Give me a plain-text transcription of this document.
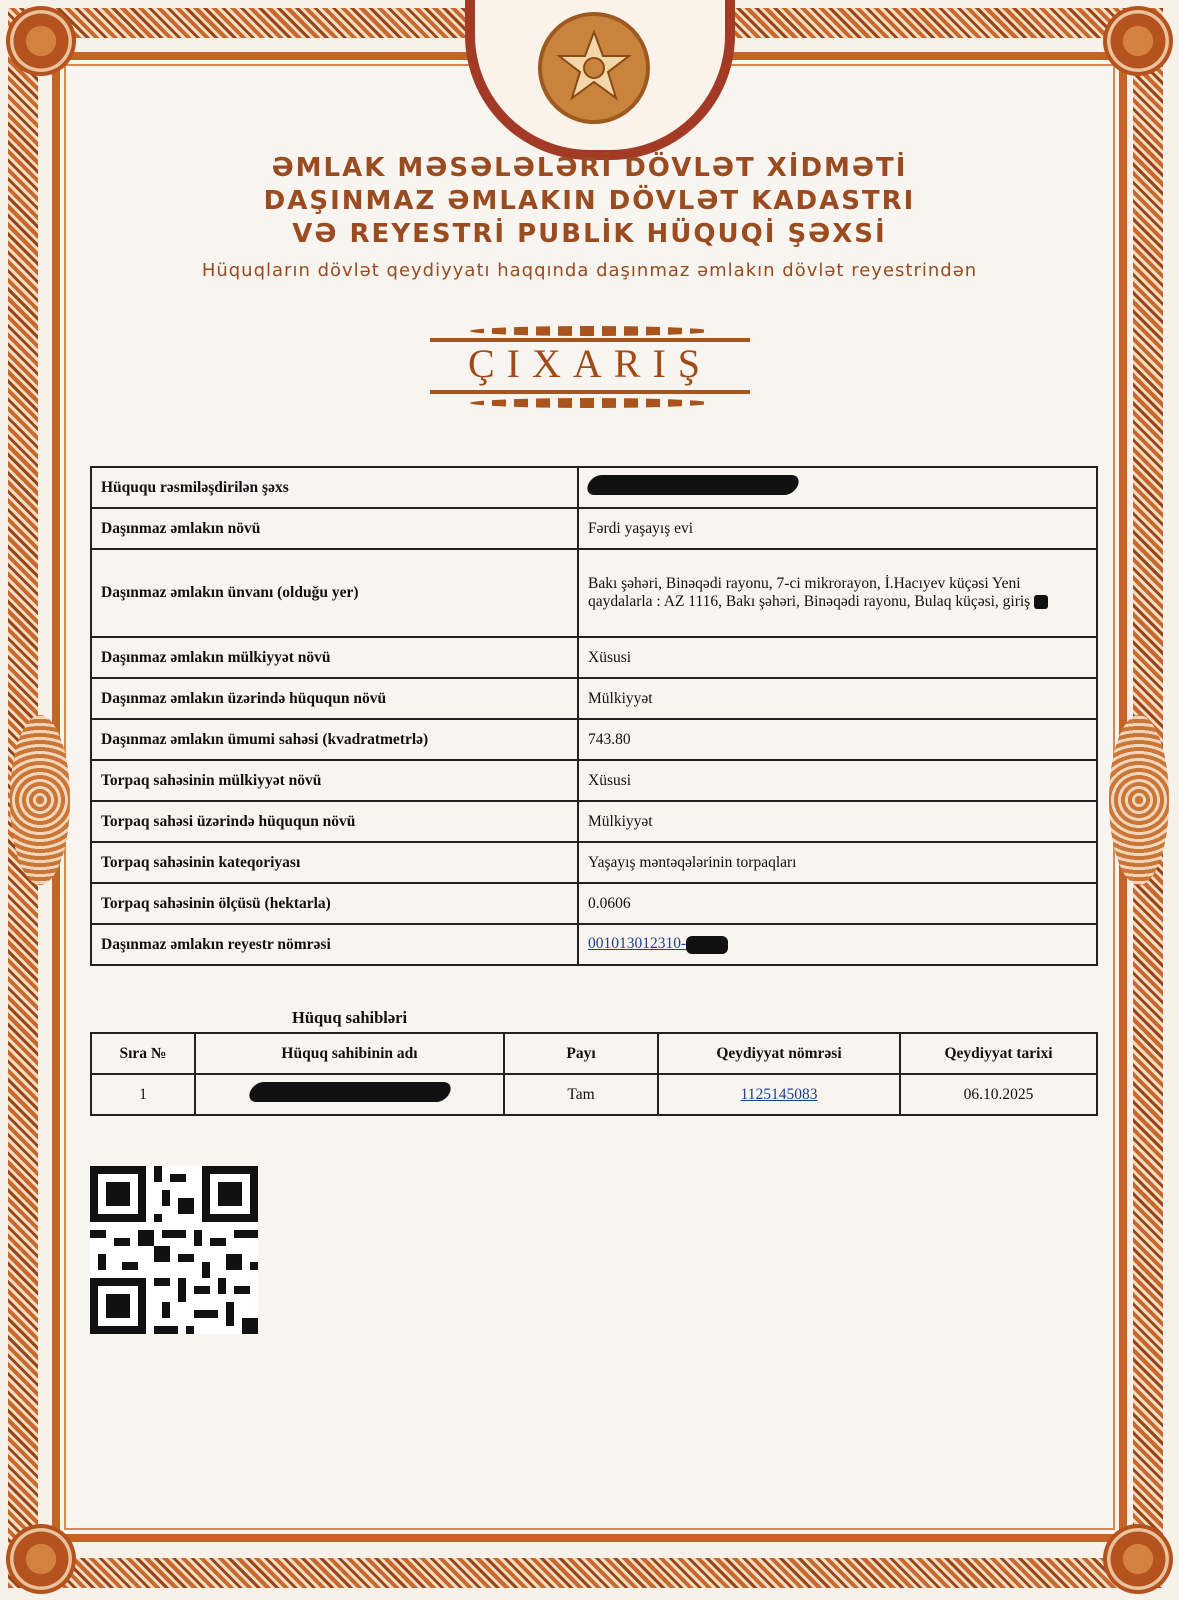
ƏMLAK MƏSƏLƏLƏRİ DÖVLƏT XİDMƏTİ
DAŞINMAZ ƏMLAKIN DÖVLƏT KADASTRI
VƏ REYESTRİ PUBLİK HÜQUQİ ŞƏXSİ
Hüquqların dövlət qeydiyyatı haqqında daşınmaz əmlakın dövlət reyestrindən
ÇIXARIŞ
Hüququ rəsmiləşdirilən şəxs	
Daşınmaz əmlakın növü	Fərdi yaşayış evi
Daşınmaz əmlakın ünvanı (olduğu yer)	Bakı şəhəri, Binəqədi rayonu, 7-ci mikrorayon, İ.Hacıyev küçəsi Yeni qaydalarla : AZ 1116, Bakı şəhəri, Binəqədi rayonu, Bulaq küçəsi, giriş
Daşınmaz əmlakın mülkiyyət növü	Xüsusi
Daşınmaz əmlakın üzərində hüququn növü	Mülkiyyət
Daşınmaz əmlakın ümumi sahəsi (kvadratmetrlə)	743.80
Torpaq sahəsinin mülkiyyət növü	Xüsusi
Torpaq sahəsi üzərində hüququn növü	Mülkiyyət
Torpaq sahəsinin kateqoriyası	Yaşayış məntəqələrinin torpaqları
Torpaq sahəsinin ölçüsü (hektarla)	0.0606
Daşınmaz əmlakın reyestr nömrəsi	001013012310-
Hüquq sahibləri
Sıra №	Hüquq sahibinin adı	Payı	Qeydiyyat nömrəsi	Qeydiyyat tarixi
1		Tam	1125145083	06.10.2025
